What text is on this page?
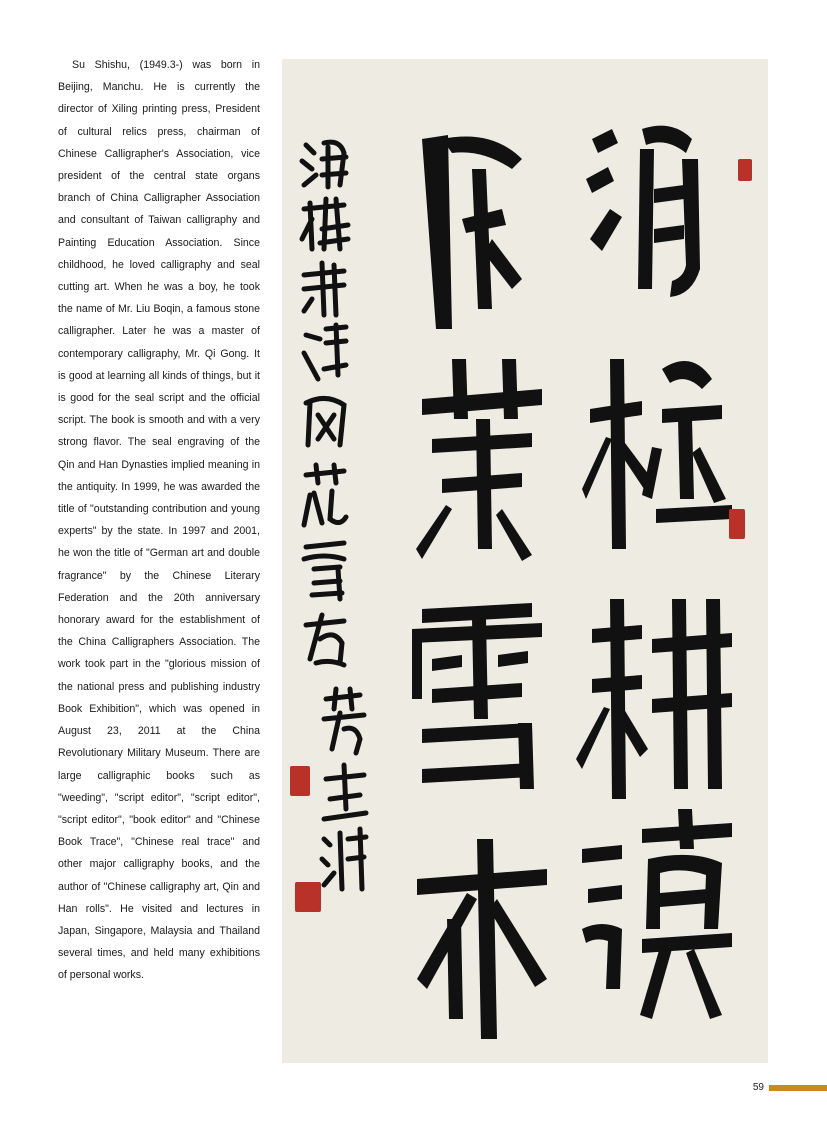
Su Shishu, (1949.3-) was born in Beijing, Manchu. He is currently the director of Xiling printing press, President of cultural relics press, chairman of Chinese Calligrapher's Association, vice president of the central state organs branch of China Calligrapher Association and consultant of Taiwan calligraphy and Painting Education Association. Since childhood, he loved calligraphy and seal cutting art. When he was a boy, he took the name of Mr. Liu Boqin, a famous stone calligrapher. Later he was a master of contemporary calligraphy, Mr. Qi Gong. It is good at learning all kinds of things, but it is good for the seal script and the official script. The book is smooth and with a very strong flavor. The seal engraving of the Qin and Han Dynasties implied meaning in the antiquity. In 1999, he was awarded the title of "outstanding contribution and young experts" by the state. In 1997 and 2001, he won the title of "German art and double fragrance" by the Chinese Literary Federation and the 20th anniversary honorary award for the establishment of the China Calligraphers Association. The work took part in the "glorious mission of the national press and publishing industry Book Exhibition", which was opened in August 23, 2011 at the China Revolutionary Military Museum. There are large calligraphic books such as "weeding", "script editor", "script editor", "script editor", "book editor" and "Chinese Book Trace", "Chinese real trace" and other major calligraphy books, and the author of "Chinese calligraphy art, Qin and Han rolls". He visited and lectures in Japan, Singapore, Malaysia and Thailand several times, and held many exhibitions of personal works.

59
